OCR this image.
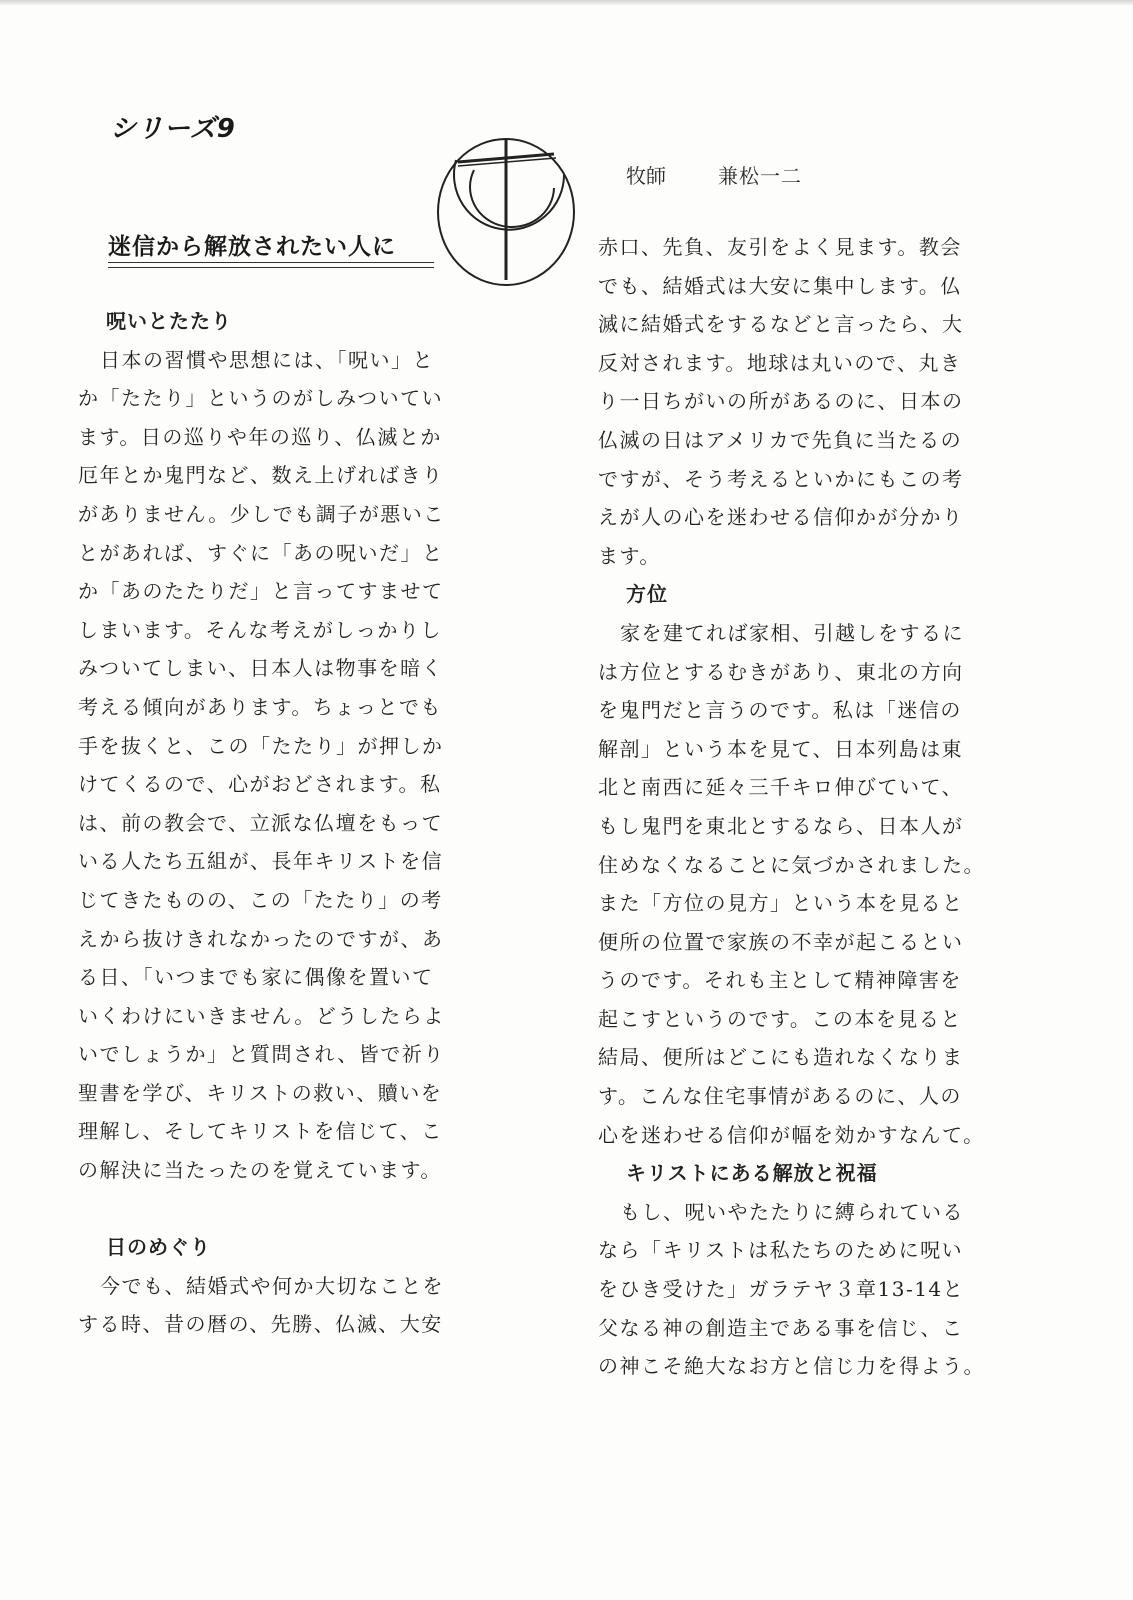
シリーズ9
迷信から解放されたい人に
牧師	兼松一二
呪いとたたり
日本の習慣や思想には、「呪い」と
か「たたり」というのがしみついてい
ます。日の巡りや年の巡り、仏滅とか
厄年とか鬼門など、数え上げればきり
がありません。少しでも調子が悪いこ
とがあれば、すぐに「あの呪いだ」と
か「あのたたりだ」と言ってすませて
しまいます。そんな考えがしっかりし
みついてしまい、日本人は物事を暗く
考える傾向があります。ちょっとでも
手を抜くと、この「たたり」が押しか
けてくるので、心がおどされます。私
は、前の教会で、立派な仏壇をもって
いる人たち五組が、長年キリストを信
じてきたものの、この「たたり」の考
えから抜けきれなかったのですが、あ
る日、「いつまでも家に偶像を置いて
いくわけにいきません。どうしたらよ
いでしょうか」と質問され、皆で祈り
聖書を学び、キリストの救い、贖いを
理解し、そしてキリストを信じて、こ
の解決に当たったのを覚えています。
日のめぐり
今でも、結婚式や何か大切なことを
する時、昔の暦の、先勝、仏滅、大安
赤口、先負、友引をよく見ます。教会
でも、結婚式は大安に集中します。仏
滅に結婚式をするなどと言ったら、大
反対されます。地球は丸いので、丸き
り一日ちがいの所があるのに、日本の
仏滅の日はアメリカで先負に当たるの
ですが、そう考えるといかにもこの考
えが人の心を迷わせる信仰かが分かり
ます。
方位
家を建てれば家相、引越しをするに
は方位とするむきがあり、東北の方向
を鬼門だと言うのです。私は「迷信の
解剖」という本を見て、日本列島は東
北と南西に延々三千キロ伸びていて、
もし鬼門を東北とするなら、日本人が
住めなくなることに気づかされました。
また「方位の見方」という本を見ると
便所の位置で家族の不幸が起こるとい
うのです。それも主として精神障害を
起こすというのです。この本を見ると
結局、便所はどこにも造れなくなりま
す。こんな住宅事情があるのに、人の
心を迷わせる信仰が幅を効かすなんて。
キリストにある解放と祝福
もし、呪いやたたりに縛られている
なら「キリストは私たちのために呪い
をひき受けた」ガラテヤ３章13-14と
父なる神の創造主である事を信じ、こ
の神こそ絶大なお方と信じ力を得よう。
